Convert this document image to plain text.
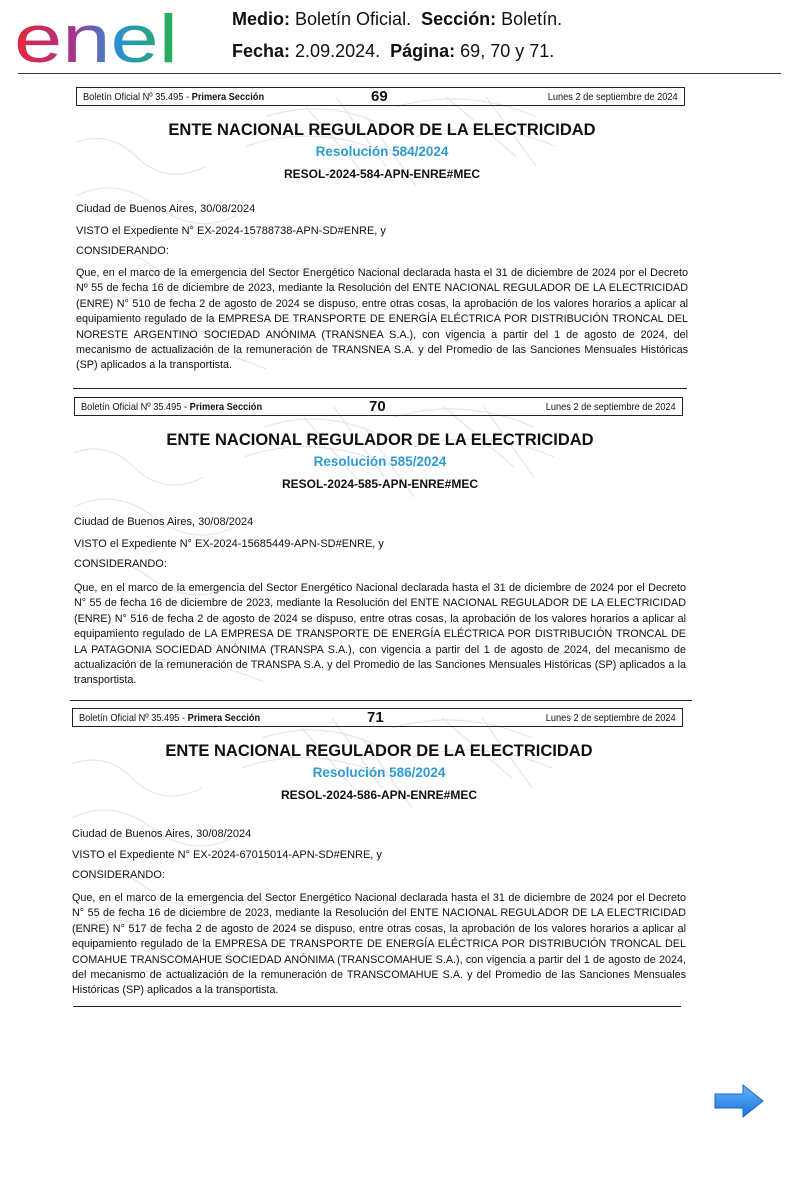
enel	Medio: Boletín Oficial. Sección: Boletín.
Fecha: 2.09.2024. Página: 69, 70 y 71.
Boletín Oficial Nº 35.495 - Primera Sección	69	Lunes 2 de septiembre de 2024
ENTE NACIONAL REGULADOR DE LA ELECTRICIDAD
Resolución 584/2024
RESOL-2024-584-APN-ENRE#MEC
Ciudad de Buenos Aires, 30/08/2024
VISTO el Expediente N° EX-2024-15788738-APN-SD#ENRE, y
CONSIDERANDO:
Que, en el marco de la emergencia del Sector Energético Nacional declarada hasta el 31 de diciembre de 2024 por el Decreto Nº 55 de fecha 16 de diciembre de 2023, mediante la Resolución del ENTE NACIONAL REGULADOR DE LA ELECTRICIDAD (ENRE) N° 510 de fecha 2 de agosto de 2024 se dispuso, entre otras cosas, la aprobación de los valores horarios a aplicar al equipamiento regulado de la EMPRESA DE TRANSPORTE DE ENERGÍA ELÉCTRICA POR DISTRIBUCIÓN TRONCAL DEL NORESTE ARGENTINO SOCIEDAD ANÓNIMA (TRANSNEA S.A.), con vigencia a partir del 1 de agosto de 2024, del mecanismo de actualización de la remuneración de TRANSNEA S.A. y del Promedio de las Sanciones Mensuales Históricas (SP) aplicados a la transportista.
Boletín Oficial Nº 35.495 - Primera Sección	70	Lunes 2 de septiembre de 2024
ENTE NACIONAL REGULADOR DE LA ELECTRICIDAD
Resolución 585/2024
RESOL-2024-585-APN-ENRE#MEC
Ciudad de Buenos Aires, 30/08/2024
VISTO el Expediente N° EX-2024-15685449-APN-SD#ENRE, y
CONSIDERANDO:
Que, en el marco de la emergencia del Sector Energético Nacional declarada hasta el 31 de diciembre de 2024 por el Decreto N° 55 de fecha 16 de diciembre de 2023, mediante la Resolución del ENTE NACIONAL REGULADOR DE LA ELECTRICIDAD (ENRE) N° 516 de fecha 2 de agosto de 2024 se dispuso, entre otras cosas, la aprobación de los valores horarios a aplicar al equipamiento regulado de LA EMPRESA DE TRANSPORTE DE ENERGÍA ELÉCTRICA POR DISTRIBUCIÓN TRONCAL DE LA PATAGONIA SOCIEDAD ANÓNIMA (TRANSPA S.A.), con vigencia a partir del 1 de agosto de 2024, del mecanismo de actualización de la remuneración de TRANSPA S.A. y del Promedio de las Sanciones Mensuales Históricas (SP) aplicados a la transportista.
Boletín Oficial Nº 35.495 - Primera Sección	71	Lunes 2 de septiembre de 2024
ENTE NACIONAL REGULADOR DE LA ELECTRICIDAD
Resolución 586/2024
RESOL-2024-586-APN-ENRE#MEC
Ciudad de Buenos Aires, 30/08/2024
VISTO el Expediente N° EX-2024-67015014-APN-SD#ENRE, y
CONSIDERANDO:
Que, en el marco de la emergencia del Sector Energético Nacional declarada hasta el 31 de diciembre de 2024 por el Decreto N° 55 de fecha 16 de diciembre de 2023, mediante la Resolución del ENTE NACIONAL REGULADOR DE LA ELECTRICIDAD (ENRE) N° 517 de fecha 2 de agosto de 2024 se dispuso, entre otras cosas, la aprobación de los valores horarios a aplicar al equipamiento regulado de la EMPRESA DE TRANSPORTE DE ENERGÍA ELÉCTRICA POR DISTRIBUCIÓN TRONCAL DEL COMAHUE TRANSCOMAHUE SOCIEDAD ANÓNIMA (TRANSCOMAHUE S.A.), con vigencia a partir del 1 de agosto de 2024, del mecanismo de actualización de la remuneración de TRANSCOMAHUE S.A. y del Promedio de las Sanciones Mensuales Históricas (SP) aplicados a la transportista.
